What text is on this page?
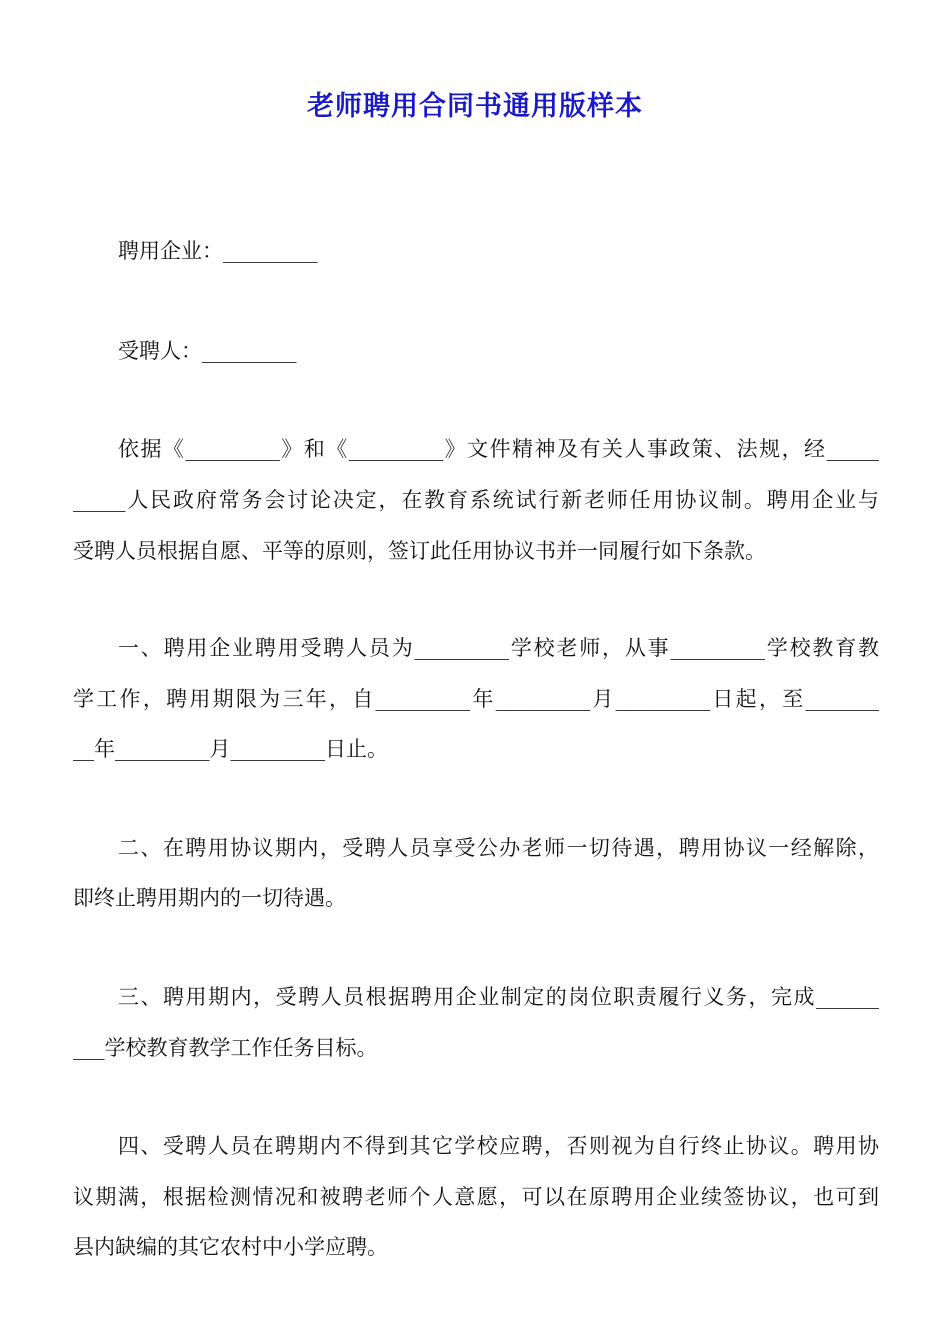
老师聘用合同书通用版样本
聘用企业：_________
受聘人：_________
依据《_________》和《_________》文件精神及有关人事政策、法规，经_____
_____人民政府常务会讨论决定，在教育系统试行新老师任用协议制。聘用企业与
受聘人员根据自愿、平等的原则，签订此任用协议书并一同履行如下条款。
一、聘用企业聘用受聘人员为_________学校老师，从事_________学校教育教
学工作，聘用期限为三年，自_________年_________月_________日起，至_______
__年_________月_________日止。
二、在聘用协议期内，受聘人员享受公办老师一切待遇，聘用协议一经解除，
即终止聘用期内的一切待遇。
三、聘用期内，受聘人员根据聘用企业制定的岗位职责履行义务，完成______
___学校教育教学工作任务目标。
四、受聘人员在聘期内不得到其它学校应聘，否则视为自行终止协议。聘用协
议期满，根据检测情况和被聘老师个人意愿，可以在原聘用企业续签协议，也可到
县内缺编的其它农村中小学应聘。
